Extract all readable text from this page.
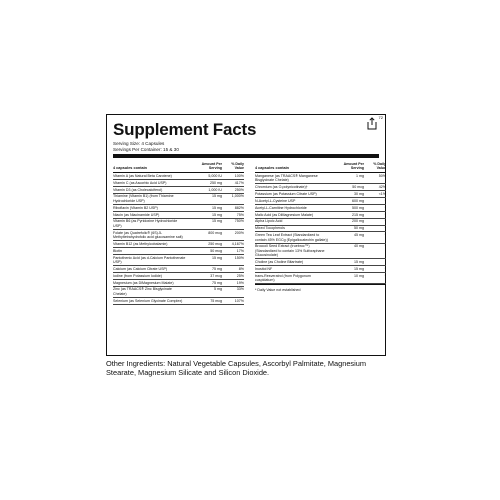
72
Supplement Facts
Serving Size: 4 Capsules
Servings Per Container: 15 & 30
4 capsules contain
Amount Per Serving
% Daily Value
Vitamin A (as Natural Beta Carotene)	5,000 IU	100%
Vitamin C (as Ascorbic Acid USP)	250 mg	417%
Vitamin D3 (as Cholecalciferol)	1,000 IU	250%
Thiamine (Vitamin B1) (from Thiamine Hydrochloride USP)
15 mg	1,000%
Riboflavin (Vitamin B2 USP)	15 mg	882%
Niacin (as Niacinamide USP)	15 mg	75%
Vitamin B6 (as Pyridoxine Hydrochloride USP)
15 mg	750%
Folate (as Quatrefolic® (6S)-5-Methyltetrahydrofolic acid glucosamine salt)
800 mcg	200%
Vitamin B12 (as Methylcobalamin)	250 mcg	4,167%
Biotin	50 mcg	17%
Pantothenic Acid (as d-Calcium Pantothenate USP)
15 mg	150%
Calcium (as Calcium Citrate USP)	75 mg	8%
Iodine (from Potassium Iodide)	37 mcg	25%
Magnesium (as DiMagnesium Malate)	75 mg	19%
Zinc (as TRAACS® Zinc Bisglycinate Chelate)
5 mg	33%
Selenium (as Selenium Glycinate Complex)	75 mcg	107%
4 capsules contain
Amount Per Serving
% Daily Value
Manganese (as TRAACS® Manganese Bisglycinate Chelate)
1 mg	50%
Chromium (as O-polynicotinate)†	50 mcg	42%
Potassium (as Potassium Citrate USP)	30 mg	<1%
N-Acetyl-L-Cysteine USP	600 mg	*
Acetyl-L-Carnitine Hydrochloride	500 mg	*
Malic Acid (as DiMagnesium Malate)	215 mg	*
Alpha Lipoic Acid	200 mg	*
Mixed Tocopherols	50 mg	*
Green Tea Leaf Extract (Standardized to contain 45% EGCg (Epigallocatechin gallate))
45 mg	*
Broccoli Seed Extract (truebroc™) (Standardized to contain 13% Sulforaphane Glucosinolate)
40 mg	*
Choline (as Choline Bitartrate)	15 mg
Inositol NF	15 mg	*
trans-Resveratrol (from Polygonum cuspidatum)
10 mg	*
* Daily Value not established
Other Ingredients: Natural Vegetable Capsules, Ascorbyl Palmitate, Magnesium Stearate, Magnesium Silicate and Silicon Dioxide.
